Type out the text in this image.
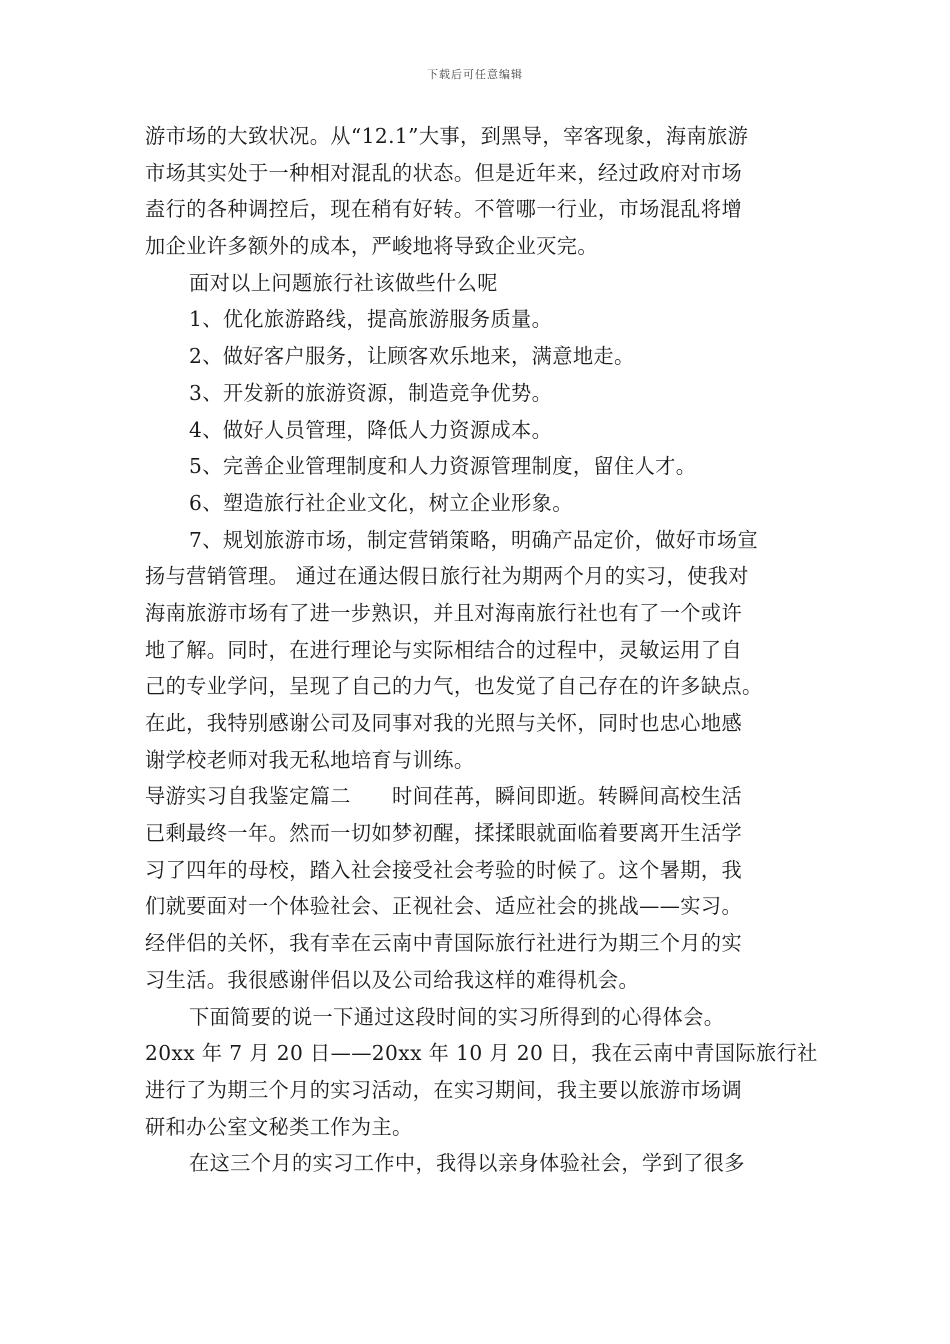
下载后可任意编辑
游市场的大致状况。从“12.1”大事，到黑导，宰客现象，海南旅游
市场其实处于一种相对混乱的状态。但是近年来，经过政府对市场
盍行的各种调控后，现在稍有好转。不管哪一行业，市场混乱将增
加企业许多额外的成本，严峻地将导致企业灭完。
面对以上问题旅行社该做些什么呢
1、优化旅游路线，提高旅游服务质量。
2、做好客户服务，让顾客欢乐地来，满意地走。
3、开发新的旅游资源，制造竞争优势。
4、做好人员管理，降低人力资源成本。
5、完善企业管理制度和人力资源管理制度，留住人才。
6、塑造旅行社企业文化，树立企业形象。
7、规划旅游市场，制定营销策略，明确产品定价，做好市场宣
扬与营销管理。 通过在通达假日旅行社为期两个月的实习，使我对
海南旅游市场有了进一步熟识，并且对海南旅行社也有了一个或许
地了解。同时，在进行理论与实际相结合的过程中，灵敏运用了自
己的专业学问，呈现了自己的力气，也发觉了自己存在的许多缺点。
在此，我特别感谢公司及同事对我的光照与关怀，同时也忠心地感
谢学校老师对我无私地培育与训练。
导游实习自我鉴定篇二　　时间荏苒，瞬间即逝。转瞬间高校生活
已剩最终一年。然而一切如梦初醒，揉揉眼就面临着要离开生活学
习了四年的母校，踏入社会接受社会考验的时候了。这个暑期，我
们就要面对一个体验社会、正视社会、适应社会的挑战——实习。
经伴侣的关怀，我有幸在云南中青国际旅行社进行为期三个月的实
习生活。我很感谢伴侣以及公司给我这样的难得机会。
下面简要的说一下通过这段时间的实习所得到的心得体会。
20xx 年 7 月 20 日——20xx 年 10 月 20 日，我在云南中青国际旅行社
进行了为期三个月的实习活动，在实习期间，我主要以旅游市场调
研和办公室文秘类工作为主。
在这三个月的实习工作中，我得以亲身体验社会，学到了很多
